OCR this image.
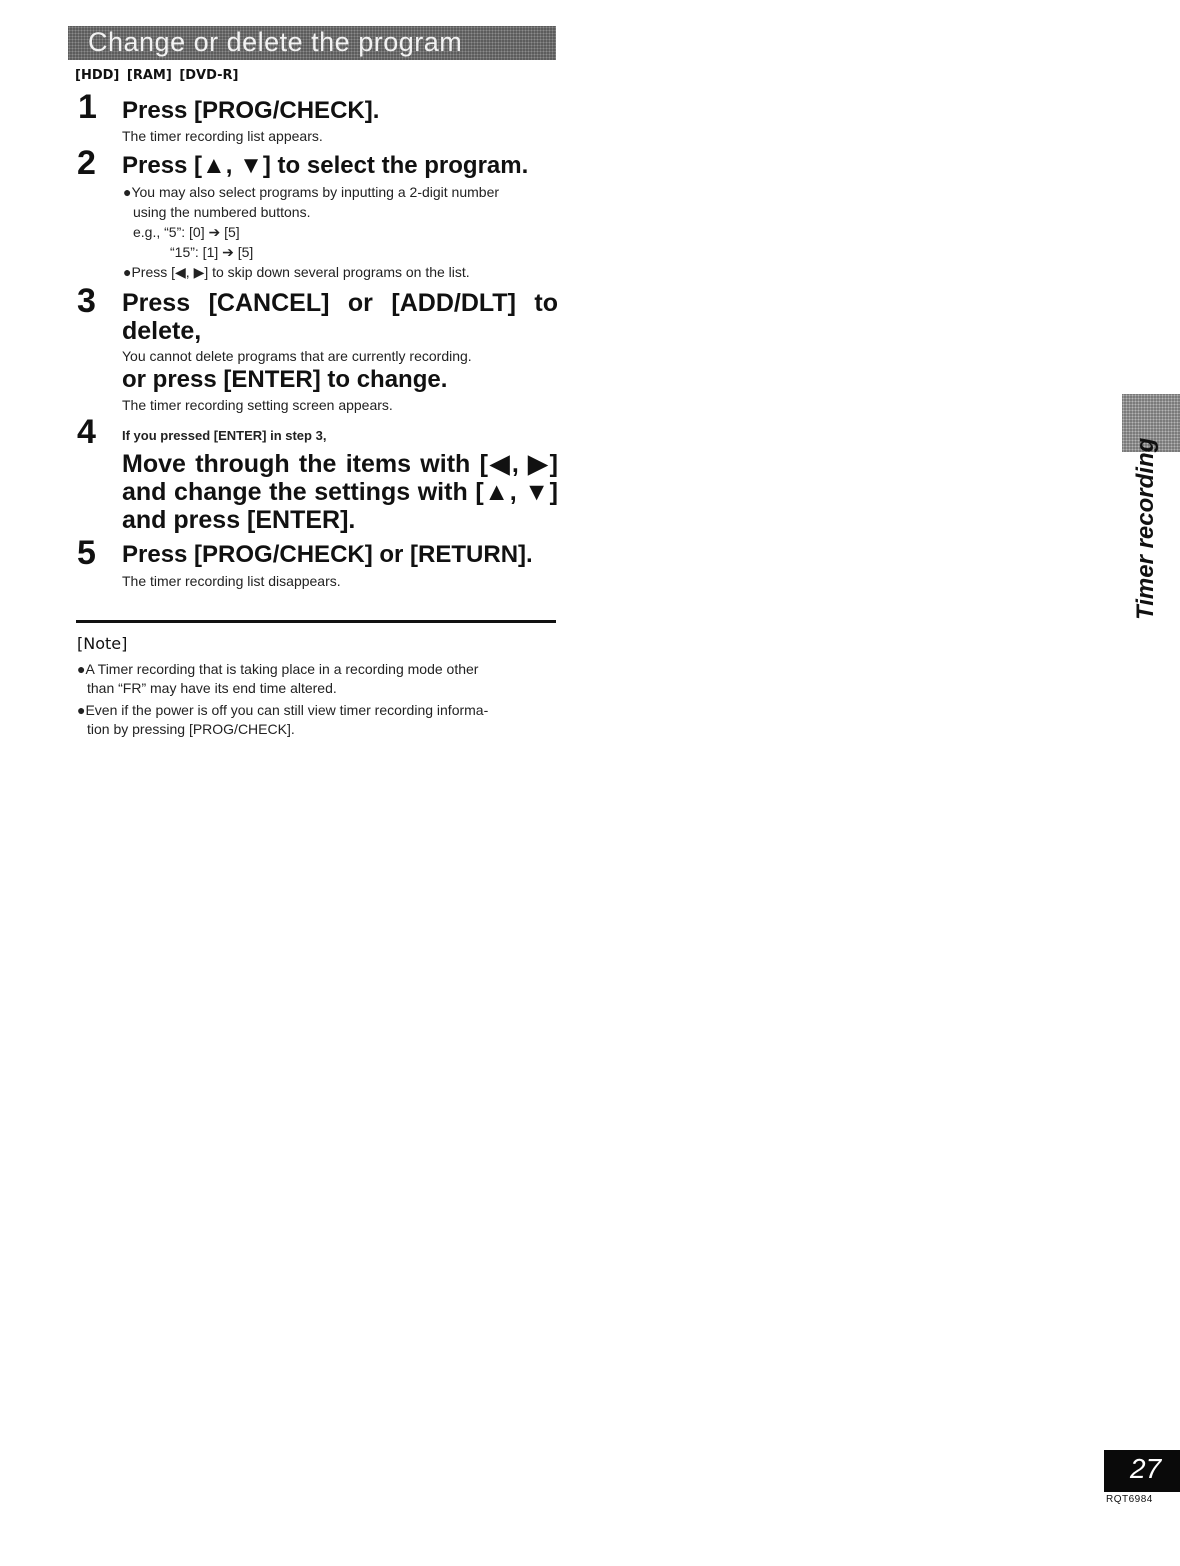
Change or delete the program
[HDD] [RAM] [DVD-R]
1 Press [PROG/CHECK].
The timer recording list appears.
2 Press [▲, ▼] to select the program.
●You may also select programs by inputting a 2-digit number
using the numbered buttons.
e.g., “5”: [0] ➔ [5]
“15”: [1] ➔ [5]
●Press [◀, ▶] to skip down several programs on the list.
3 Press [CANCEL] or [ADD/DLT] to
delete,
You cannot delete programs that are currently recording.
or press [ENTER] to change.
The timer recording setting screen appears.
4 If you pressed [ENTER] in step 3,
Move through the items with [◀, ▶]
and change the settings with [▲, ▼]
and press [ENTER].
5 Press [PROG/CHECK] or [RETURN].
The timer recording list disappears.
[Note]
●A Timer recording that is taking place in a recording mode other
than “FR” may have its end time altered.
●Even if the power is off you can still view timer recording informa-
tion by pressing [PROG/CHECK].
Timer recording
27
RQT6984
